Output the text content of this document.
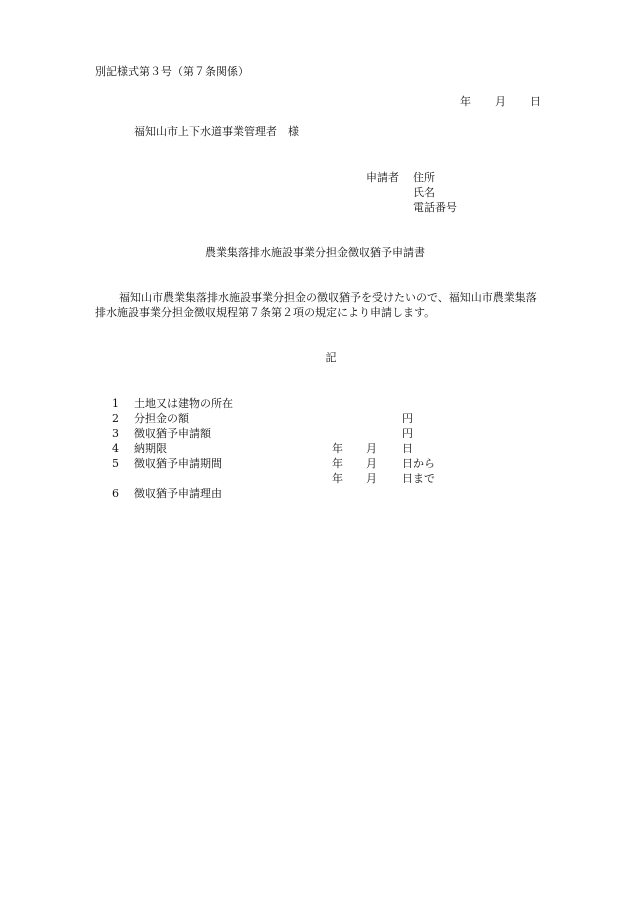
別記様式第３号（第７条関係）
年 月 日
福知山市上下水道事業管理者　様
申請者 住所
氏名
電話番号
農業集落排水施設事業分担金徴収猶予申請書

福知山市農業集落排水施設事業分担金の徴収猶予を受けたいので、福知山市農業集落

排水施設事業分担金徴収規程第７条第２項の規定により申請します。

記
1 土地又は建物の所在
2 分担金の額	円
3 徴収猶予申請額	円
4 納期限	年 月 日
5 徴収猶予申請期間	年 月 日から
年 月 日まで
6 徴収猶予申請理由
